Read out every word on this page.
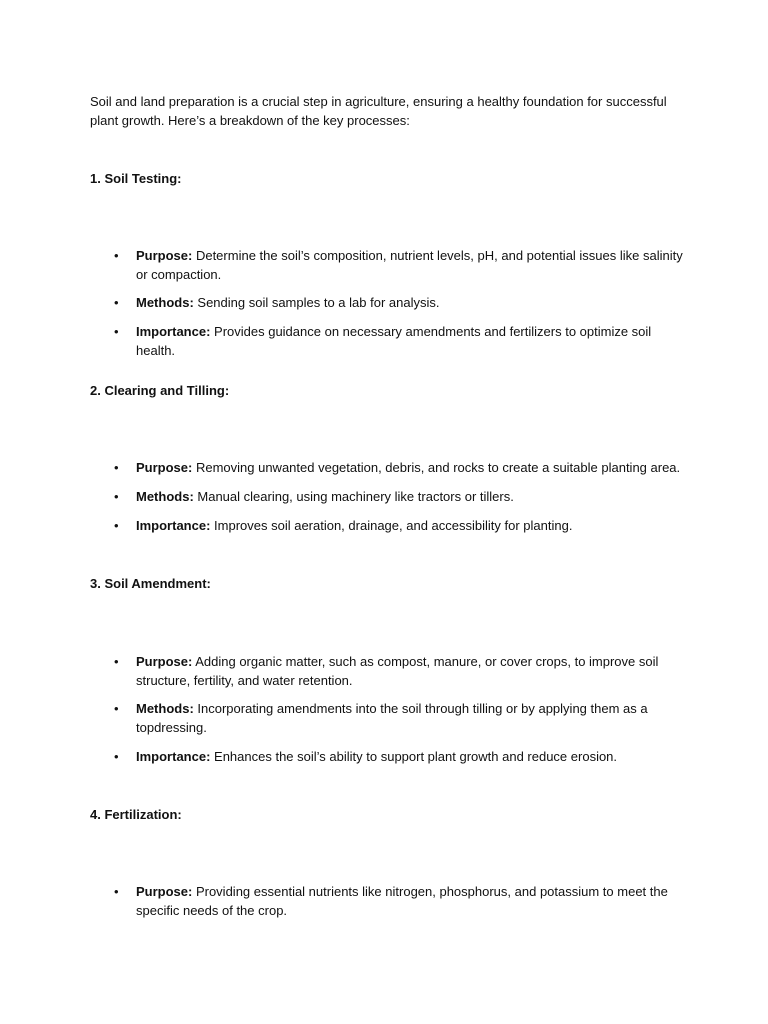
Soil and land preparation is a crucial step in agriculture, ensuring a healthy foundation for successful plant growth. Here’s a breakdown of the key processes:

1. Soil Testing:

• Purpose: Determine the soil’s composition, nutrient levels, pH, and potential issues like salinity or compaction.

• Methods: Sending soil samples to a lab for analysis.

• Importance: Provides guidance on necessary amendments and fertilizers to optimize soil health.

2. Clearing and Tilling:

• Purpose: Removing unwanted vegetation, debris, and rocks to create a suitable planting area.

• Methods: Manual clearing, using machinery like tractors or tillers.

• Importance: Improves soil aeration, drainage, and accessibility for planting.

3. Soil Amendment:

• Purpose: Adding organic matter, such as compost, manure, or cover crops, to improve soil structure, fertility, and water retention.

• Methods: Incorporating amendments into the soil through tilling or by applying them as a topdressing.

• Importance: Enhances the soil’s ability to support plant growth and reduce erosion.

4. Fertilization:

• Purpose: Providing essential nutrients like nitrogen, phosphorus, and potassium to meet the specific needs of the crop.
